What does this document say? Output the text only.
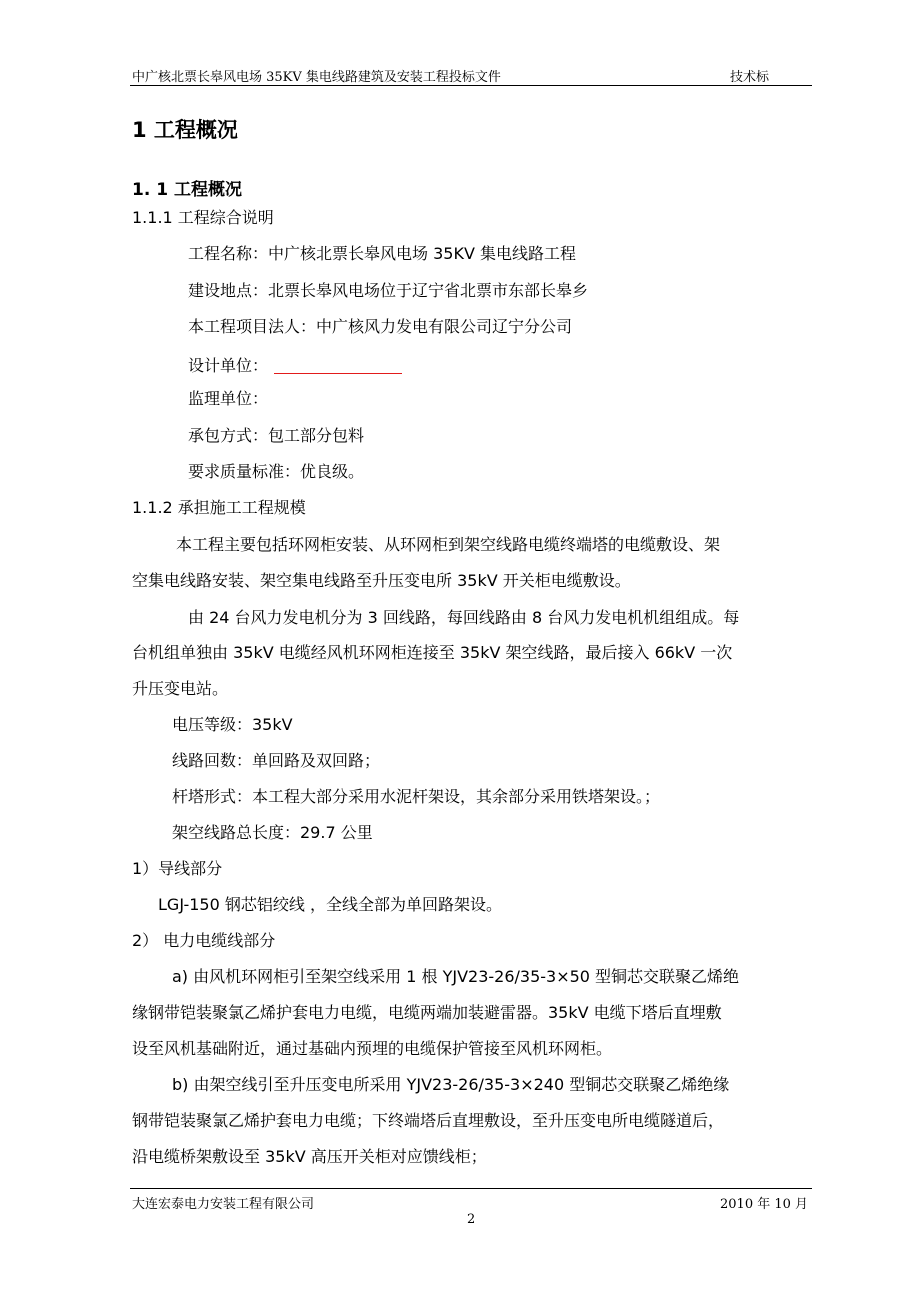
中广核北票长皋风电场 35KV 集电线路建筑及安装工程投标文件	技术标
1 工程概况
1. 1 工程概况
1.1.1 工程综合说明
工程名称：中广核北票长皋风电场 35KV 集电线路工程
建设地点：北票长皋风电场位于辽宁省北票市东部长皋乡
本工程项目法人：中广核风力发电有限公司辽宁分公司
设计单位：
监理单位：
承包方式：包工部分包料
要求质量标准：优良级。
1.1.2 承担施工工程规模
本工程主要包括环网柜安装、从环网柜到架空线路电缆终端塔的电缆敷设、架
空集电线路安装、架空集电线路至升压变电所 35kV 开关柜电缆敷设。
由 24 台风力发电机分为 3 回线路，每回线路由 8 台风力发电机机组组成。每
台机组单独由 35kV 电缆经风机环网柜连接至 35kV 架空线路，最后接入 66kV 一次
升压变电站。
电压等级：35kV
线路回数：单回路及双回路；
杆塔形式：本工程大部分采用水泥杆架设，其余部分采用铁塔架设。；
架空线路总长度：29.7 公里
1）导线部分
LGJ-150 钢芯铝绞线 ，全线全部为单回路架设。
2） 电力电缆线部分
a) 由风机环网柜引至架空线采用 1 根 YJV23-26/35-3×50 型铜芯交联聚乙烯绝
缘钢带铠装聚氯乙烯护套电力电缆，电缆两端加装避雷器。35kV 电缆下塔后直埋敷
设至风机基础附近，通过基础内预埋的电缆保护管接至风机环网柜。
b) 由架空线引至升压变电所采用 YJV23-26/35-3×240 型铜芯交联聚乙烯绝缘
钢带铠装聚氯乙烯护套电力电缆；下终端塔后直埋敷设，至升压变电所电缆隧道后，
沿电缆桥架敷设至 35kV 高压开关柜对应馈线柜；
大连宏泰电力安装工程有限公司	2010 年 10 月
2
